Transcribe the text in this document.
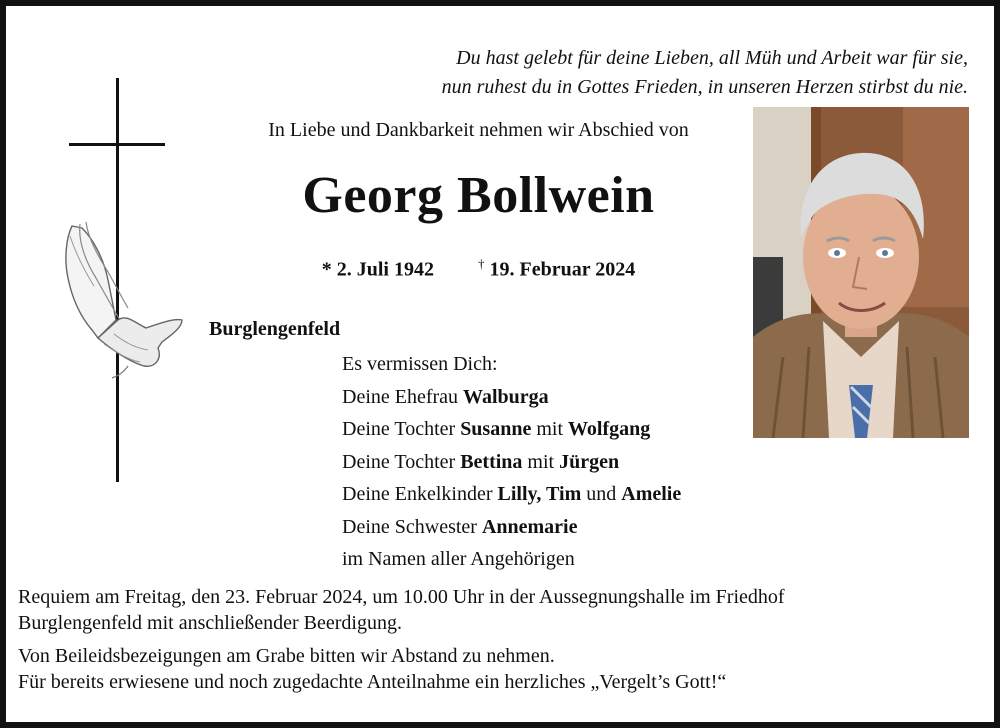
Du hast gelebt für deine Lieben, all Müh und Arbeit war für sie,
nun ruhest du in Gottes Frieden, in unseren Herzen stirbst du nie.
In Liebe und Dankbarkeit nehmen wir Abschied von
Georg Bollwein
* 2. Juli 1942	† 19. Februar 2024
Burglengenfeld
Es vermissen Dich:
Deine Ehefrau Walburga
Deine Tochter Susanne mit Wolfgang
Deine Tochter Bettina mit Jürgen
Deine Enkelkinder Lilly, Tim und Amelie
Deine Schwester Annemarie
im Namen aller Angehörigen

Requiem am Freitag, den 23. Februar 2024, um 10.00 Uhr in der Aussegnungshalle im Friedhof
Burglengenfeld mit anschließender Beerdigung.

Von Beileidsbezeigungen am Grabe bitten wir Abstand zu nehmen.
Für bereits erwiesene und noch zugedachte Anteilnahme ein herzliches „Vergelt’s Gott!“
